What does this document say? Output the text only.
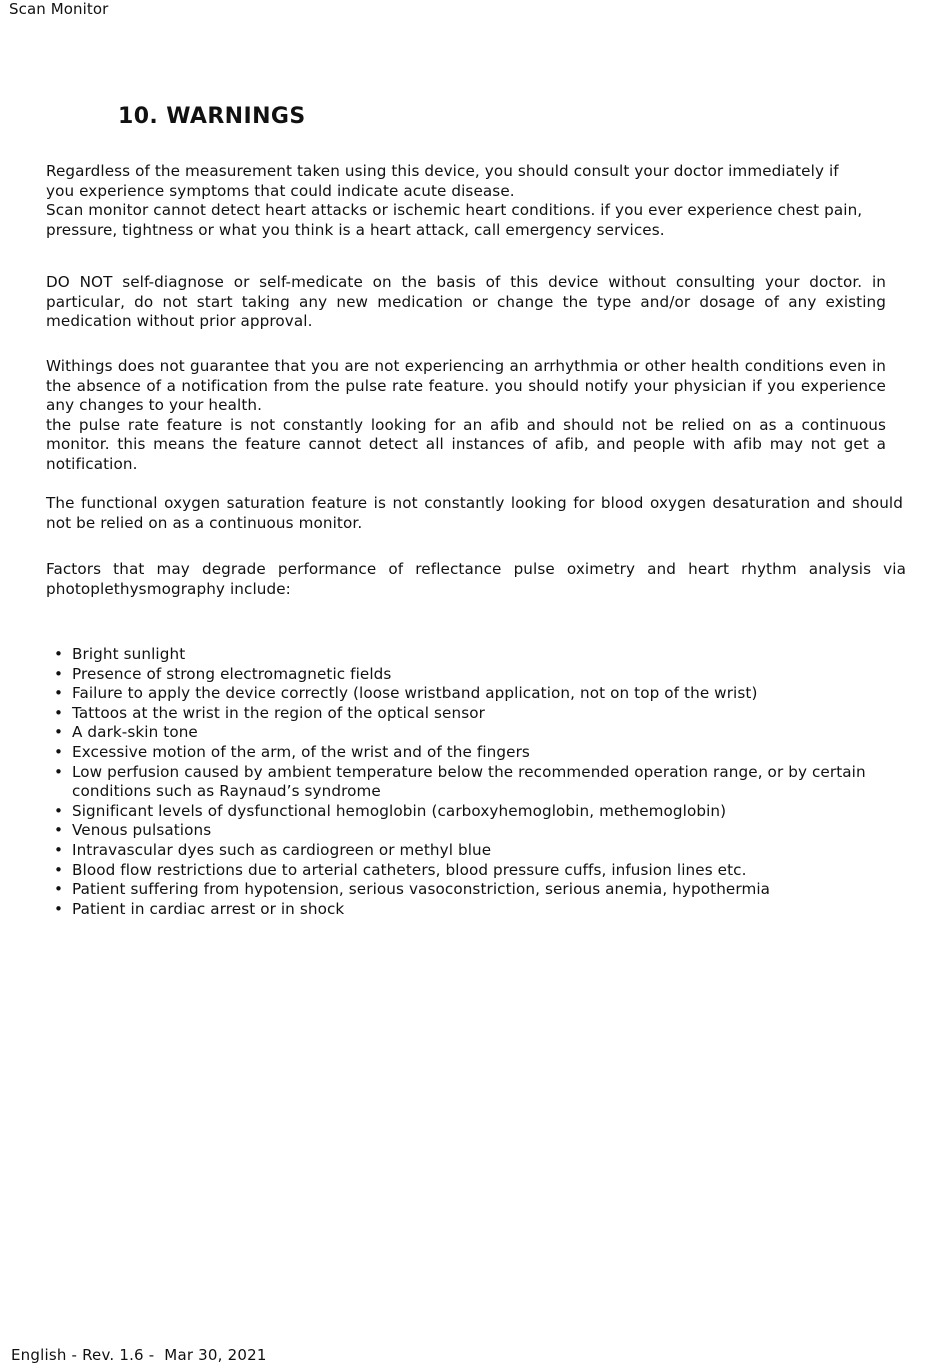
Scan Monitor
10. WARNINGS
Regardless of the measurement taken using this device, you should consult your doctor immediately if you experience symptoms that could indicate acute disease.
Scan monitor cannot detect heart attacks or ischemic heart conditions. if you ever experience chest pain, pressure, tightness or what you think is a heart attack, call emergency services.
DO NOT self-diagnose or self-medicate on the basis of this device without consulting your doctor. in particular, do not start taking any new medication or change the type and/or dosage of any existing medication without prior approval.
Withings does not guarantee that you are not experiencing an arrhythmia or other health conditions even in the absence of a notification from the pulse rate feature. you should notify your physician if you experience any changes to your health.
the pulse rate feature is not constantly looking for an afib and should not be relied on as a continuous monitor. this means the feature cannot detect all instances of afib, and people with afib may not get a notification.
The functional oxygen saturation feature is not constantly looking for blood oxygen desaturation and should not be relied on as a continuous monitor.
Factors that may degrade performance of reflectance pulse oximetry and heart rhythm analysis via photoplethysmography include:
• Bright sunlight
• Presence of strong electromagnetic fields
• Failure to apply the device correctly (loose wristband application, not on top of the wrist)
• Tattoos at the wrist in the region of the optical sensor
• A dark-skin tone
• Excessive motion of the arm, of the wrist and of the fingers
• Low perfusion caused by ambient temperature below the recommended operation range, or by certain conditions such as Raynaud’s syndrome
• Significant levels of dysfunctional hemoglobin (carboxyhemoglobin, methemoglobin)
• Venous pulsations
• Intravascular dyes such as cardiogreen or methyl blue
• Blood flow restrictions due to arterial catheters, blood pressure cuffs, infusion lines etc.
• Patient suffering from hypotension, serious vasoconstriction, serious anemia, hypothermia
• Patient in cardiac arrest or in shock
English - Rev. 1.6 -  Mar 30, 2021
